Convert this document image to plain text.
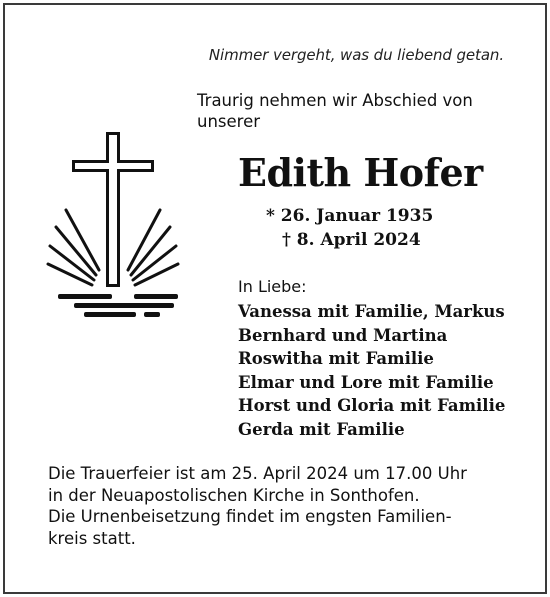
Nimmer vergeht, was du liebend getan.
Traurig nehmen wir Abschied von
unserer
Edith Hofer
* 26. Januar 1935
† 8. April 2024
In Liebe:
Vanessa mit Familie, Markus
Bernhard und Martina
Roswitha mit Familie
Elmar und Lore mit Familie
Horst und Gloria mit Familie
Gerda mit Familie

Die Trauerfeier ist am 25. April 2024 um 17.00 Uhr

in der Neuapostolischen Kirche in Sonthofen.

Die Urnenbeisetzung findet im engsten Familien-

kreis statt.
